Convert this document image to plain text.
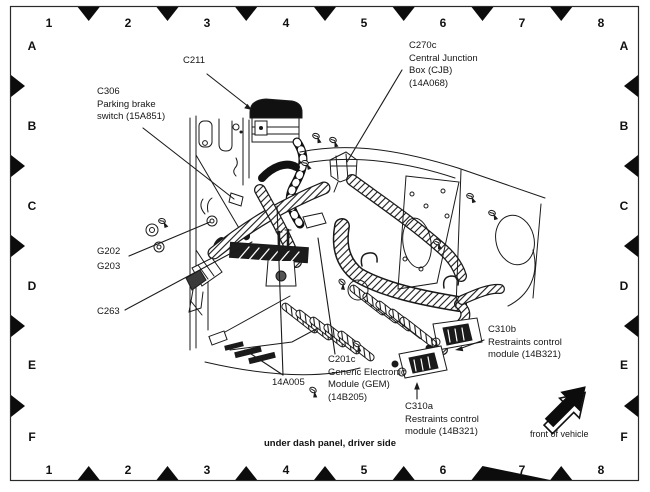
1	2	3	4	5	6	7	8
1	2	3	4	5	6	7	8
A
B
C
D
E
F
A
B
C
D
E
F
C211
C306
Parking brake
switch (15A851)
C270c
Central Junction
Box (CJB)
(14A068)
G202
G203
C263
14A005
C201c
Generic Electronic
Module (GEM)
(14B205)
C310b
Restraints control
module (14B321)
C310a
Restraints control
module (14B321)
under dash panel, driver side
front of vehicle
